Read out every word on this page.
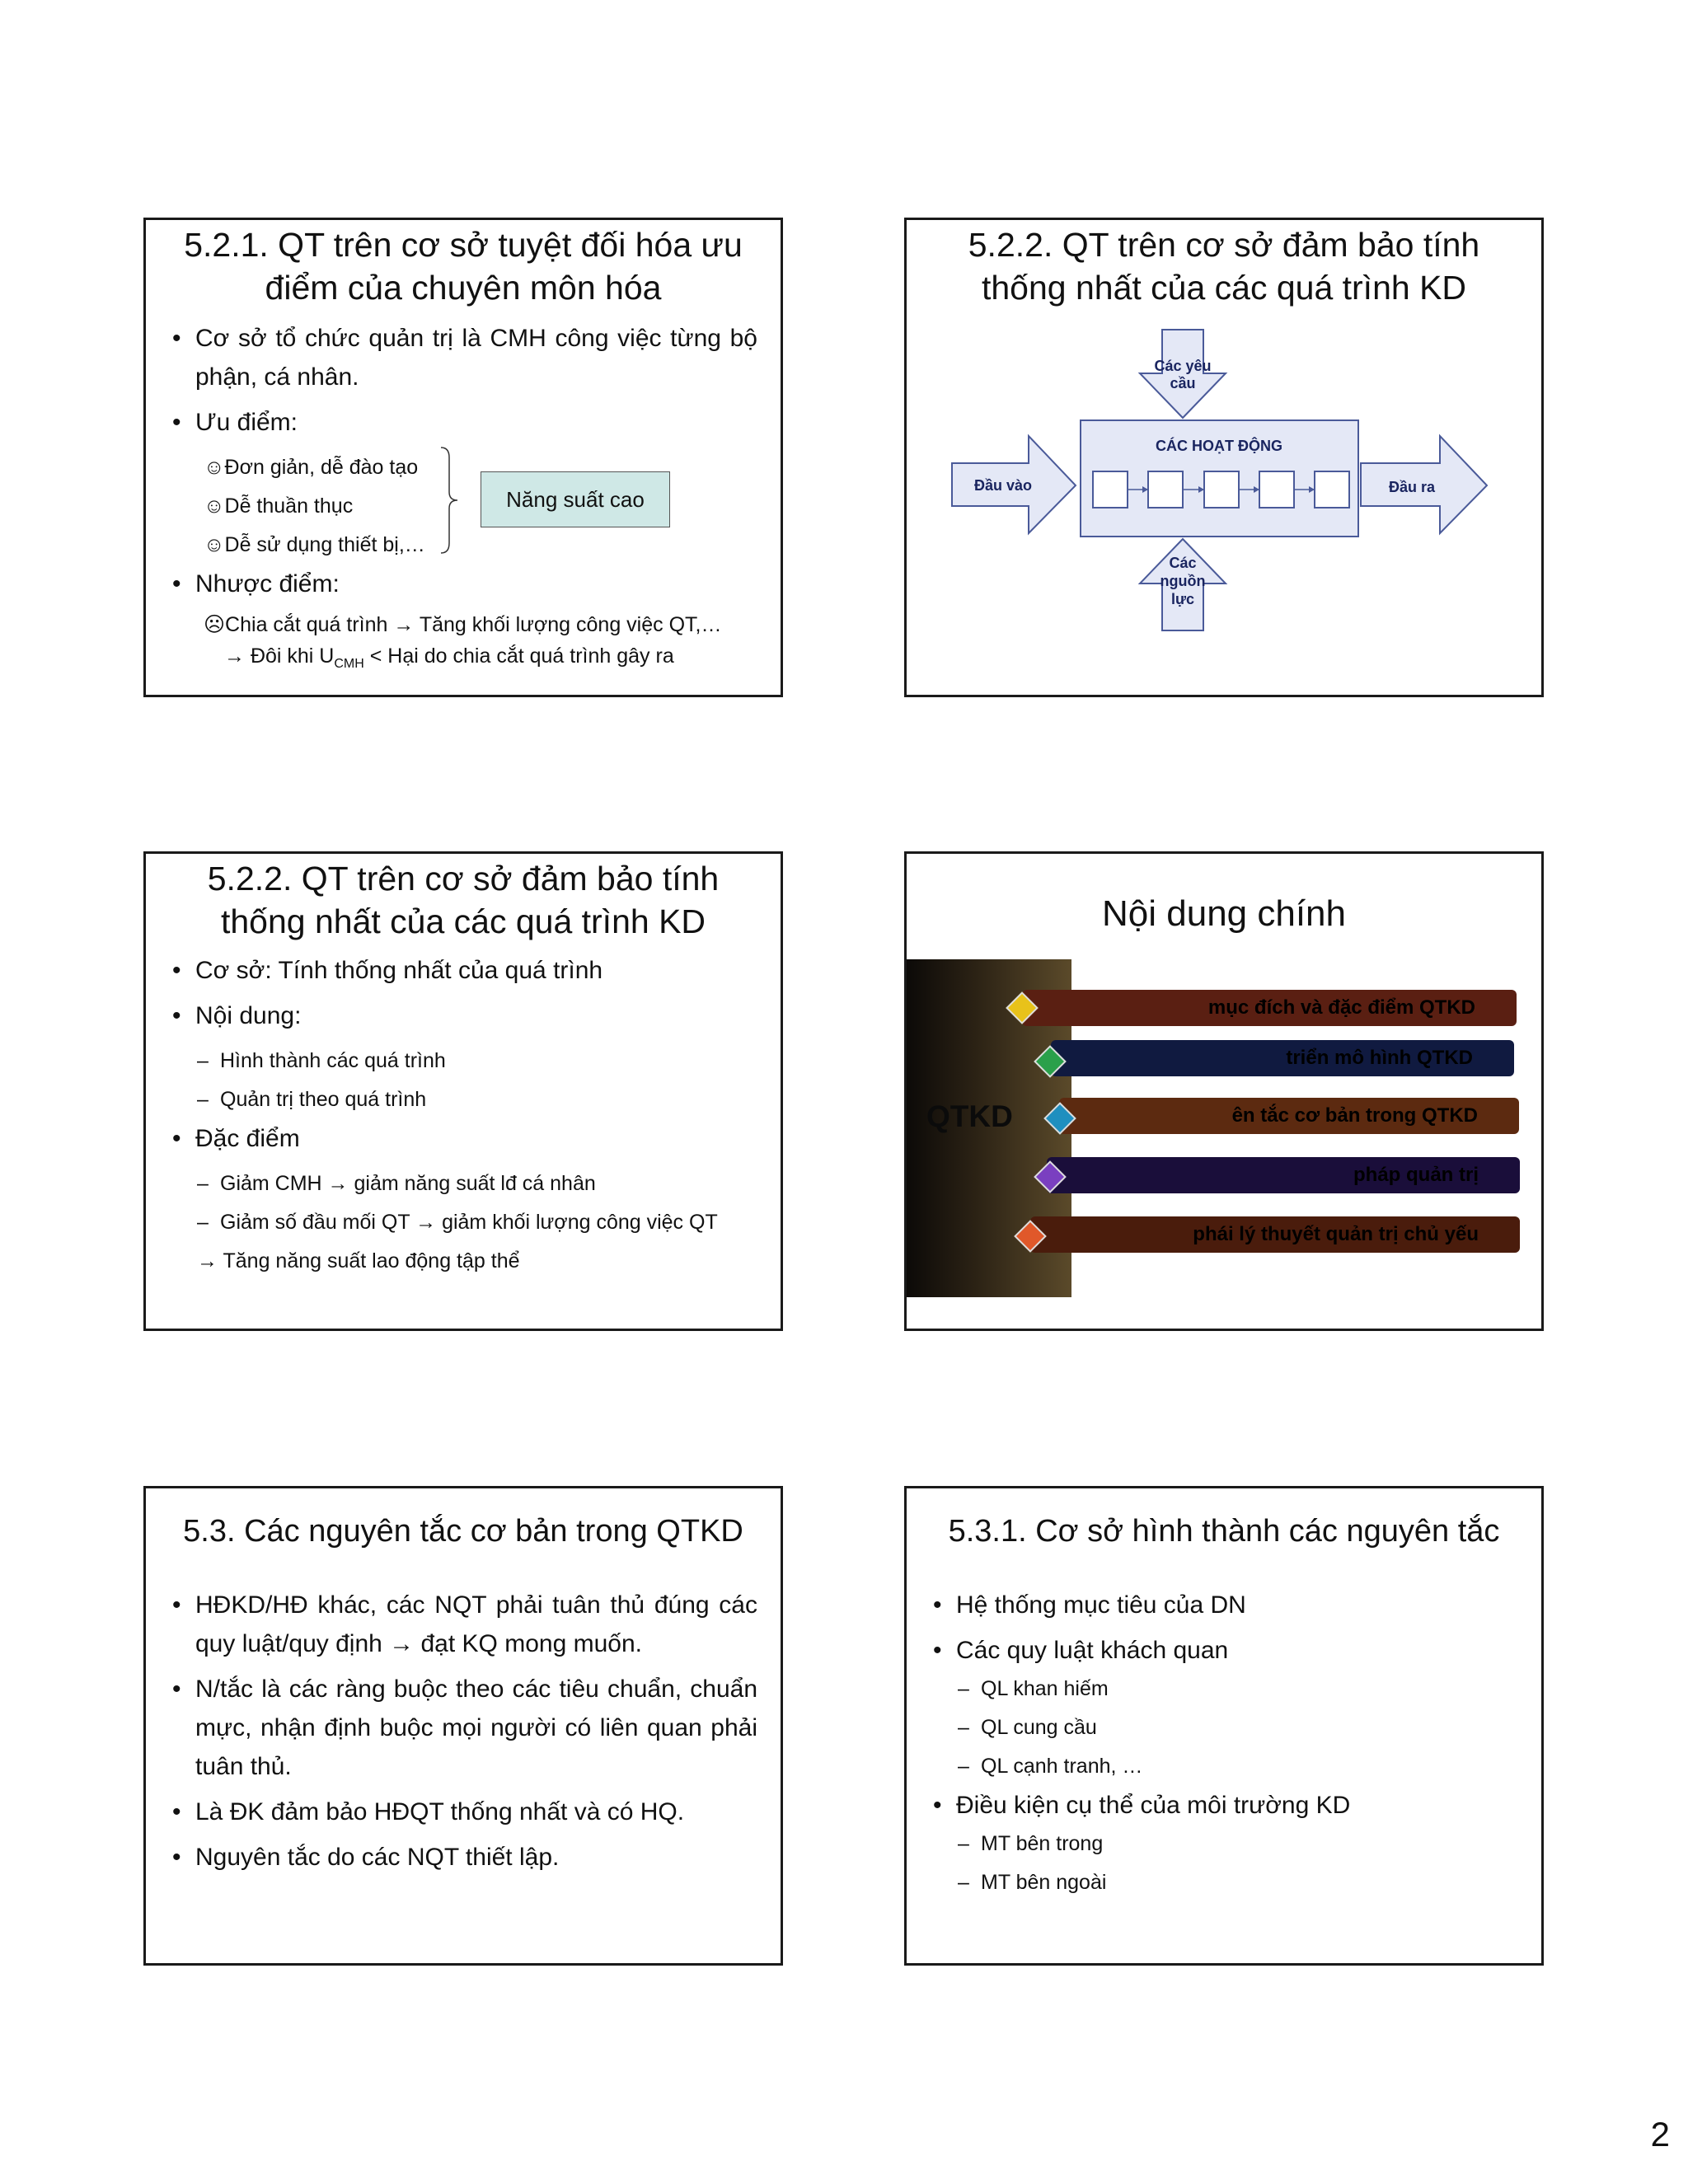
5.2.1. QT trên cơ sở tuyệt đối hóa ưu
điểm của chuyên môn hóa
• Cơ sở tổ chức quản trị là CMH công việc từng bộ phận, cá nhân.
• Ưu điểm:
☺Đơn giản, dễ đào tạo
☺Dễ thuần thục
☺Dễ sử dụng thiết bị,…
• Nhược điểm:
☹Chia cắt quá trình → Tăng khối lượng công việc QT,…
→ Đôi khi $U_{CMH}$ < Hại do chia cắt quá trình gây ra
Năng suất cao
5.2.2. QT trên cơ sở đảm bảo tính
thống nhất của các quá trình KD
Các yêu
cầu
CÁC HOẠT ĐỘNG
Đầu vào	Đầu ra
Các
nguồn
lực
5.2.2. QT trên cơ sở đảm bảo tính
thống nhất của các quá trình KD
• Cơ sở: Tính thống nhất của quá trình
• Nội dung:
– Hình thành các quá trình
– Quản trị theo quá trình
• Đặc điểm
– Giảm CMH → giảm năng suất lđ cá nhân
– Giảm số đầu mối QT → giảm khối lượng công việc QT
→ Tăng năng suất lao động tập thể
Nội dung chính
QTKD
mục đích và đặc điểm QTKD
triển mô hình QTKD
ên tắc cơ bản trong QTKD
pháp quản trị
phái lý thuyết quản trị chủ yếu
5.3. Các nguyên tắc cơ bản trong QTKD
• HĐKD/HĐ khác, các NQT phải tuân thủ đúng các quy luật/quy định → đạt KQ mong muốn.
• N/tắc là các ràng buộc theo các tiêu chuẩn, chuẩn mực, nhận định buộc mọi người có liên quan phải tuân thủ.
• Là ĐK đảm bảo HĐQT thống nhất và có HQ.
• Nguyên tắc do các NQT thiết lập.
5.3.1. Cơ sở hình thành các nguyên tắc
• Hệ thống mục tiêu của DN
• Các quy luật khách quan
– QL khan hiếm
– QL cung cầu
– QL cạnh tranh, …
• Điều kiện cụ thể của môi trường KD
– MT bên trong
– MT bên ngoài
2
